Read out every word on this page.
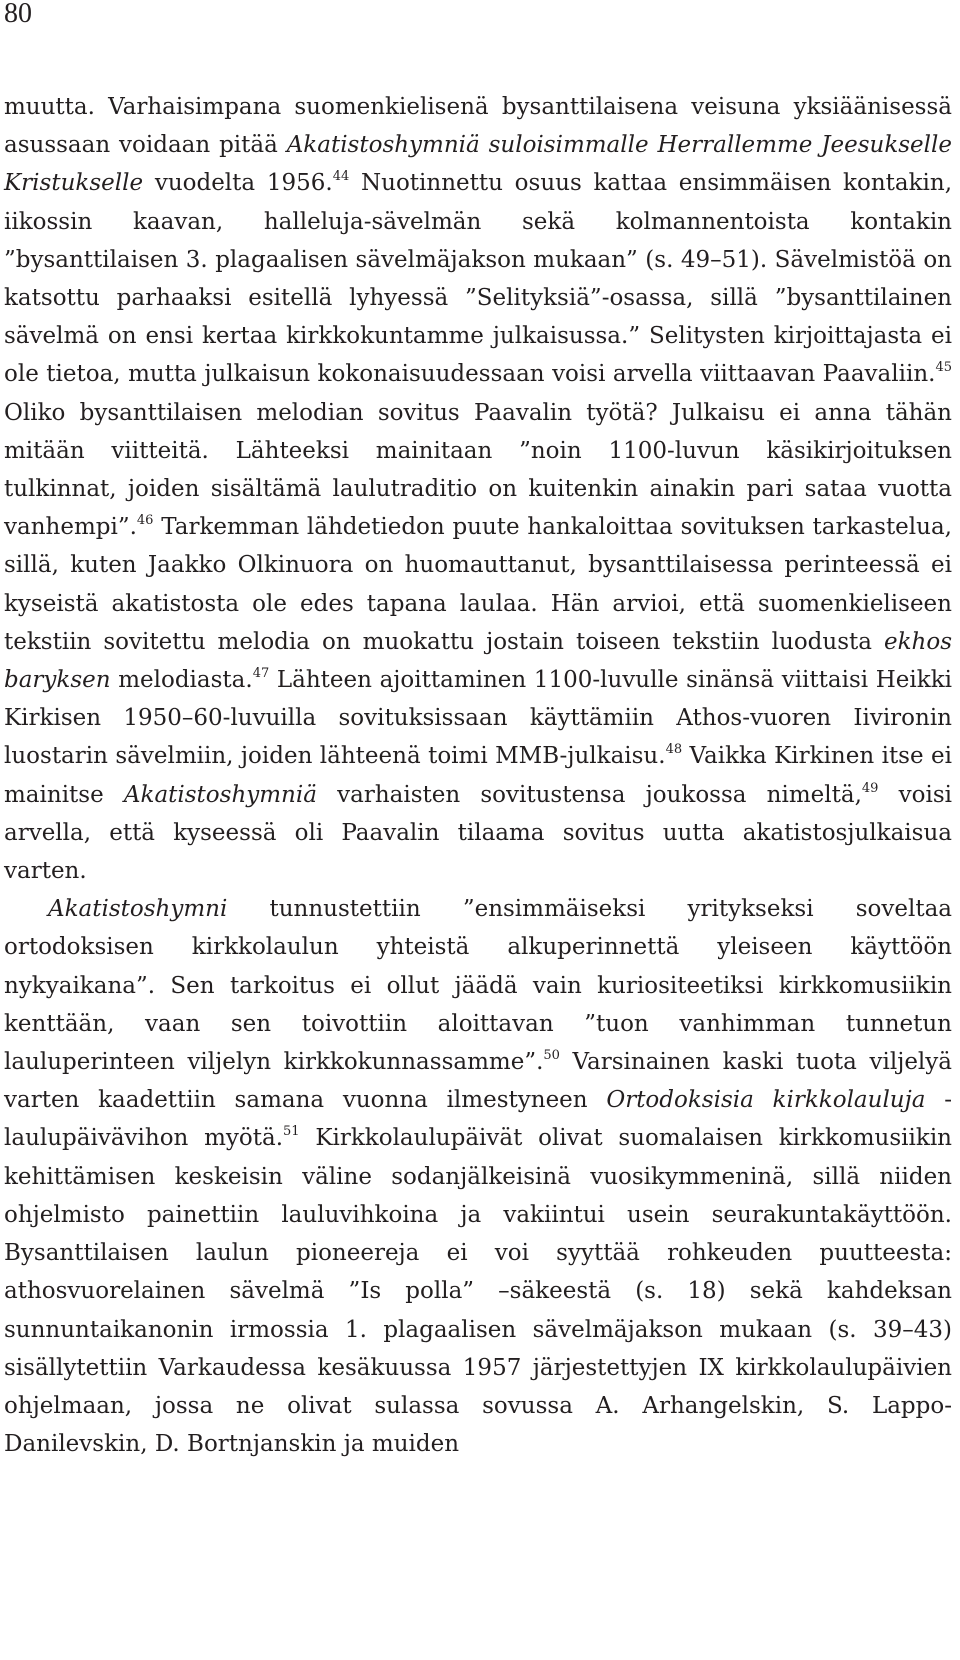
80

muutta. Varhaisimpana suomenkielisenä bysanttilaisena veisuna yksiäänisessä asussaan voidaan pitää Akatistoshymniä suloisimmalle Herrallemme Jeesukselle Kristukselle vuodelta 1956.44 Nuotinnettu osuus kattaa ensimmäisen kontakin, iikossin kaavan, halleluja-sävelmän sekä kolmannentoista kontakin ”bysanttilaisen 3. plagaalisen sävelmäjakson mukaan” (s. 49–51). Sävelmistöä on katsottu parhaaksi esitellä lyhyessä ”Selityksiä”-osassa, sillä ”bysanttilainen sävelmä on ensi kertaa kirkkokuntamme julkaisussa.” Selitysten kirjoittajasta ei ole tietoa, mutta julkaisun kokonaisuudessaan voisi arvella viittaavan Paavaliin.$^{45}$ Oliko bysanttilaisen melodian sovitus Paavalin työtä? Julkaisu ei anna tähän mitään viitteitä. Lähteeksi mainitaan ”noin 1100-luvun käsikirjoituksen tulkinnat, joiden sisältämä laulutraditio on kuitenkin ainakin pari sataa vuotta vanhempi”.$^{46}$ Tarkemman lähdetiedon puute hankaloittaa sovituksen tarkastelua, sillä, kuten Jaakko Olkinuora on huomauttanut, bysanttilaisessa perinteessä ei kyseistä akatistosta ole edes tapana laulaa. Hän arvioi, että suomenkieliseen tekstiin sovitettu melodia on muokattu jostain toiseen tekstiin luodusta ekhos baryksen melodiasta.$^{47}$ Lähteen ajoittaminen 1100-luvulle sinänsä viittaisi Heikki Kirkisen 1950–60-luvuilla sovituksissaan käyttämiin Athos-vuoren Iivironin luostarin sävelmiin, joiden lähteenä toimi MMB-julkaisu.$^{48}$ Vaikka Kirkinen itse ei mainitse Akatistoshymniä varhaisten sovitustensa joukossa nimeltä,$^{49}$ voisi arvella, että kyseessä oli Paavalin tilaama sovitus uutta akatistosjulkaisua varten.

Akatistoshymni tunnustettiin ”ensimmäiseksi yritykseksi soveltaa ortodoksisen kirkkolaulun yhteistä alkuperinnettä yleiseen käyttöön nykyaikana”. Sen tarkoitus ei ollut jäädä vain kuriositeetiksi kirkkomusiikin kenttään, vaan sen toivottiin aloittavan ”tuon vanhimman tunnetun lauluperinteen viljelyn kirkkokunnassamme”.$^{50}$ Varsinainen kaski tuota viljelyä varten kaadettiin samana vuonna ilmestyneen Ortodoksisia kirkkolauluja -laulupäivävihon myötä.$^{51}$ Kirkkolaulupäivät olivat suomalaisen kirkkomusiikin kehittämisen keskeisin väline sodanjälkeisinä vuosikymmeninä, sillä niiden ohjelmisto painettiin lauluvihkoina ja vakiintui usein seurakuntakäyttöön. Bysanttilaisen laulun pioneereja ei voi syyttää rohkeuden puutteesta: athosvuorelainen sävelmä ”Is polla” –säkeestä (s. 18) sekä kahdeksan sunnuntaikanonin irmossia 1. plagaalisen sävelmäjakson mukaan (s. 39–43) sisällytettiin Varkaudessa kesäkuussa 1957 järjestettyjen IX kirkkolaulupäivien ohjelmaan, jossa ne olivat sulassa sovussa A. Arhangelskin, S. Lappo-Danilevskin, D. Bortnjanskin ja muiden
